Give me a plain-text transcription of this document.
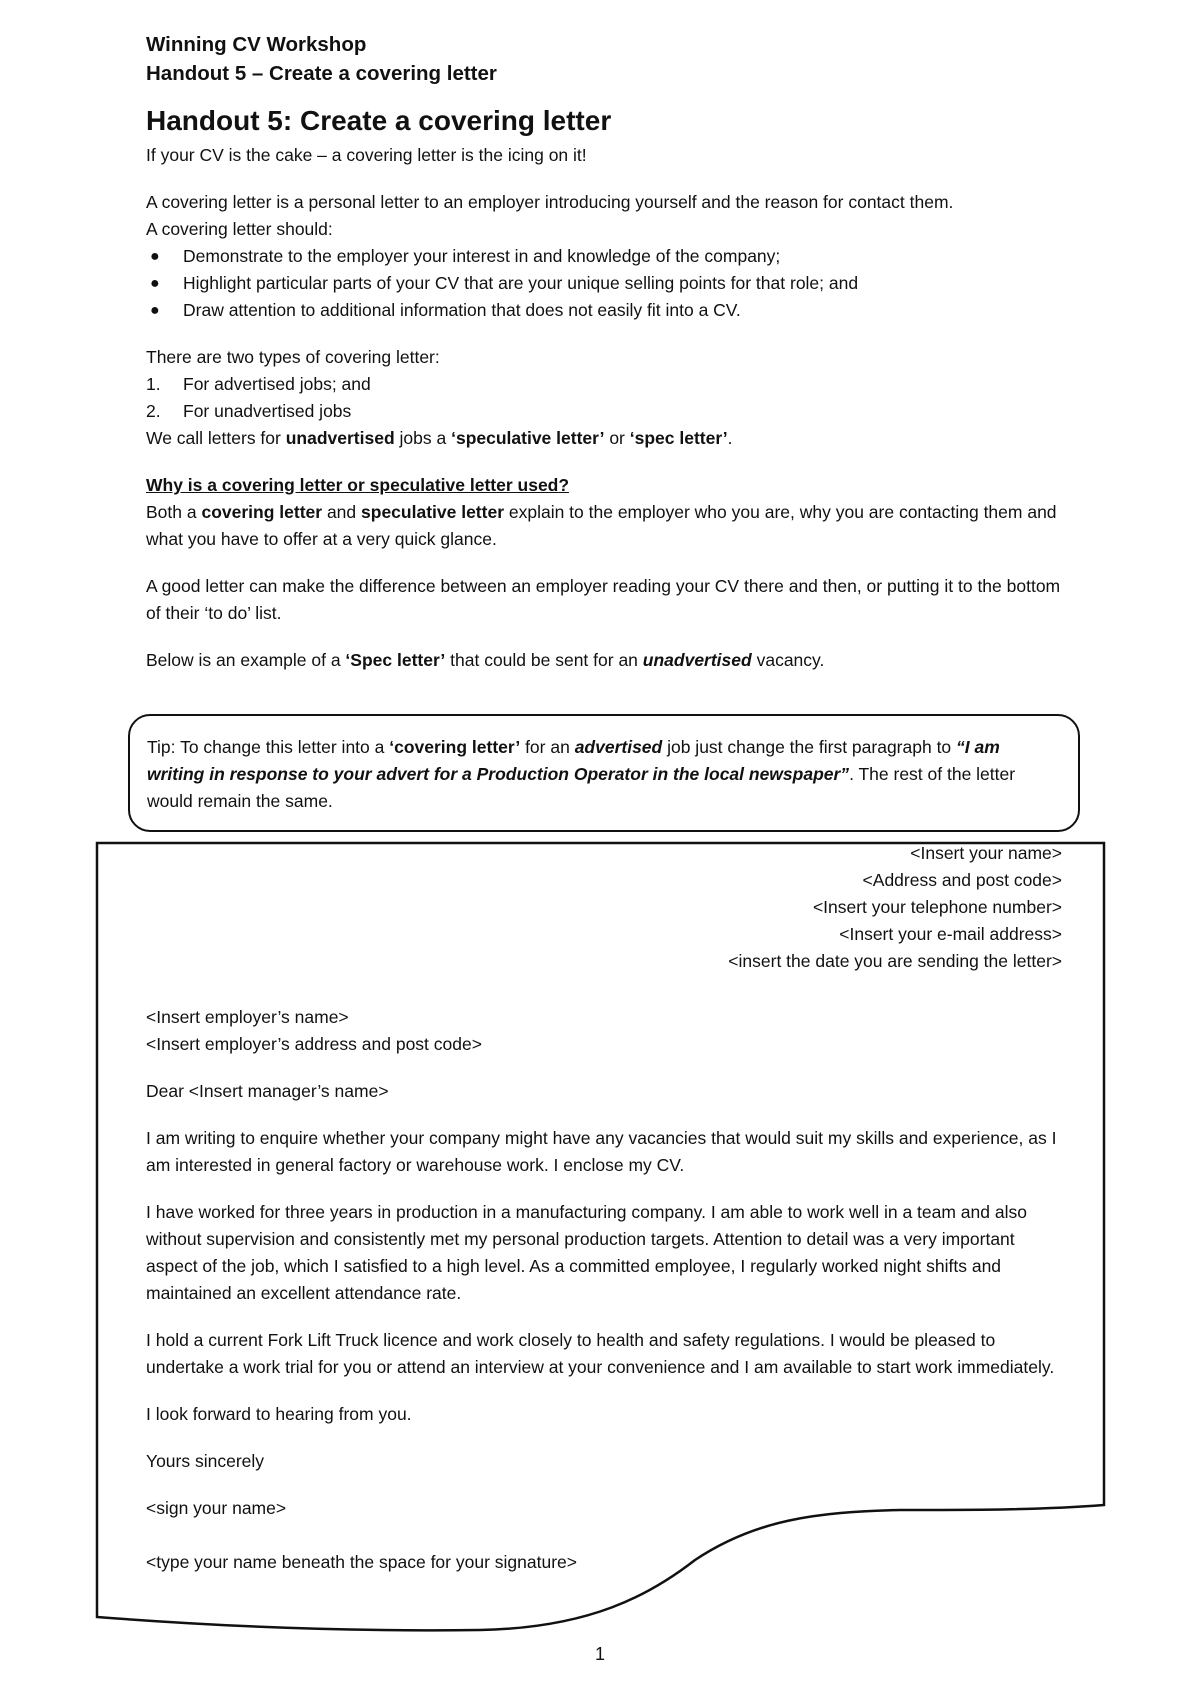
Winning CV Workshop
Handout 5 – Create a covering letter
Handout 5: Create a covering letter

If your CV is the cake – a covering letter is the icing on it!

A covering letter is a personal letter to an employer introducing yourself and the reason for contact them.

A covering letter should:

● Demonstrate to the employer your interest in and knowledge of the company;
● Highlight particular parts of your CV that are your unique selling points for that role; and
● Draw attention to additional information that does not easily fit into a CV.

There are two types of covering letter:

1. For advertised jobs; and
2. For unadvertised jobs

We call letters for unadvertised jobs a ‘speculative letter’ or ‘spec letter’.

Why is a covering letter or speculative letter used?

Both a covering letter and speculative letter explain to the employer who you are, why you are contacting them and what you have to offer at a very quick glance.

A good letter can make the difference between an employer reading your CV there and then, or putting it to the bottom of their ‘to do’ list.

Below is an example of a ‘Spec letter’ that could be sent for an unadvertised vacancy.

Tip: To change this letter into a ‘covering letter’ for an advertised job just change the first paragraph to “I am writing in response to your advert for a Production Operator in the local newspaper”. The rest of the letter would remain the same.
<Insert your name>
<Address and post code>
<Insert your telephone number>
<Insert your e-mail address>
<insert the date you are sending the letter>
<Insert employer’s name>
<Insert employer’s address and post code>

Dear <Insert manager’s name>

I am writing to enquire whether your company might have any vacancies that would suit my skills and experience, as I am interested in general factory or warehouse work. I enclose my CV.

I have worked for three years in production in a manufacturing company. I am able to work well in a team and also without supervision and consistently met my personal production targets. Attention to detail was a very important aspect of the job, which I satisfied to a high level. As a committed employee, I regularly worked night shifts and maintained an excellent attendance rate.

I hold a current Fork Lift Truck licence and work closely to health and safety regulations. I would be pleased to undertake a work trial for you or attend an interview at your convenience and I am available to start work immediately.

I look forward to hearing from you.

Yours sincerely

<sign your name>

<type your name beneath the space for your signature>

1
